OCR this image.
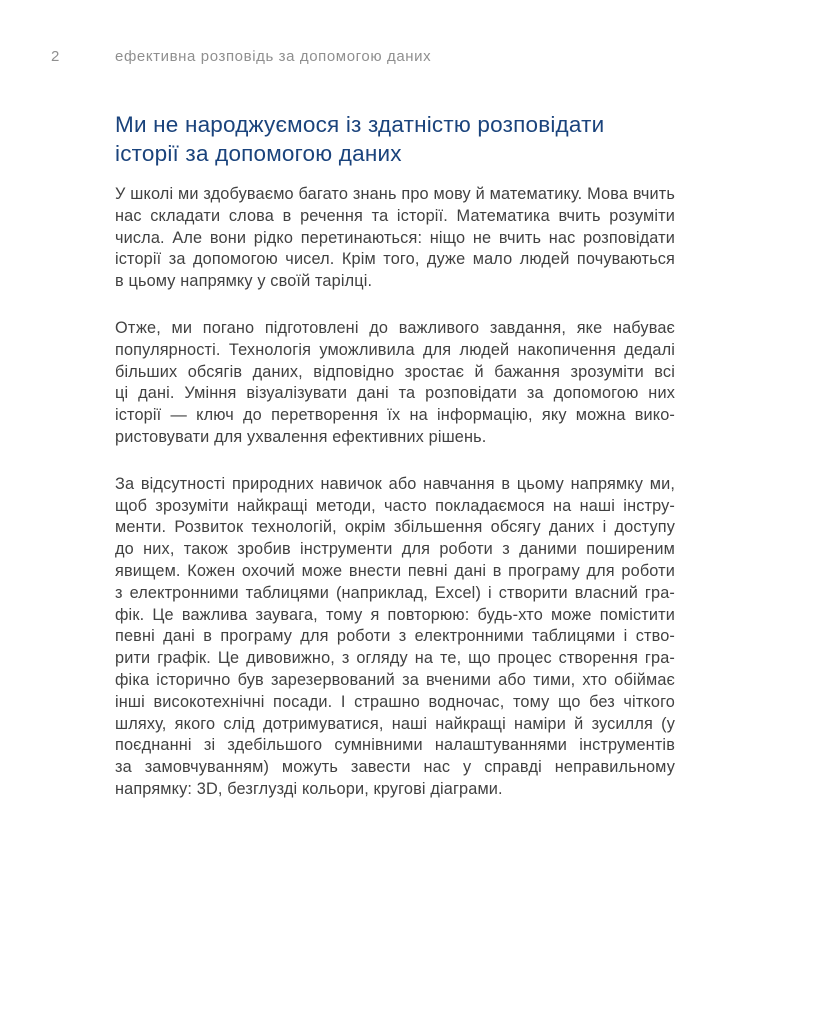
2	ефективна розповідь за допомогою даних
Ми не народжуємося із здатністю розповідати
історії за допомогою даних
У школі ми здобуваємо багато знань про мову й математику. Мова вчить
нас складати слова в речення та історії. Математика вчить розуміти
числа. Але вони рідко перетинаються: ніщо не вчить нас розповідати
історії за допомогою чисел. Крім того, дуже мало людей почуваються
в цьому напрямку у своїй тарілці.
Отже, ми погано підготовлені до важливого завдання, яке набуває
популярності. Технологія уможливила для людей накопичення дедалі
більших обсягів даних, відповідно зростає й бажання зрозуміти всі
ці дані. Уміння візуалізувати дані та розповідати за допомогою них
історії — ключ до перетворення їх на інформацію, яку можна вико-
ристовувати для ухвалення ефективних рішень.
За відсутності природних навичок або навчання в цьому напрямку ми,
щоб зрозуміти найкращі методи, часто покладаємося на наші інстру-
менти. Розвиток технологій, окрім збільшення обсягу даних і доступу
до них, також зробив інструменти для роботи з даними поширеним
явищем. Кожен охочий може внести певні дані в програму для роботи
з електронними таблицями (наприклад, Excel) і створити власний гра-
фік. Це важлива заувага, тому я повторюю: будь-хто може помістити
певні дані в програму для роботи з електронними таблицями і ство-
рити графік. Це дивовижно, з огляду на те, що процес створення гра-
фіка історично був зарезервований за вченими або тими, хто обіймає
інші високотехнічні посади. І страшно водночас, тому що без чіткого
шляху, якого слід дотримуватися, наші найкращі наміри й зусилля (у
поєднанні зі здебільшого сумнівними налаштуваннями інструментів
за замовчуванням) можуть завести нас у справді неправильному
напрямку: 3D, безглузді кольори, кругові діаграми.
